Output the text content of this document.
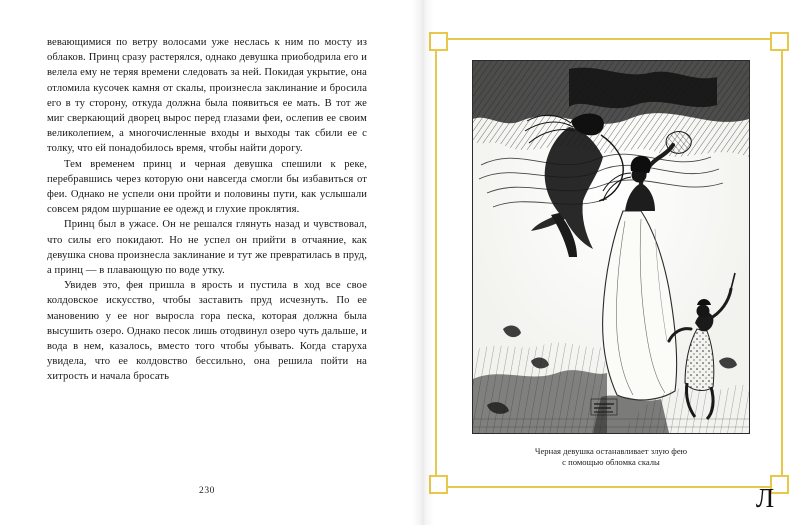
вевающимися по ветру волосами уже неслась к ним по мосту из облаков. Принц сразу растерялся, однако девушка приободрила его и велела ему не теряя времени следовать за ней. Покидая укрытие, она отломила кусочек камня от скалы, произнесла заклинание и бросила его в ту сторону, откуда должна была появиться ее мать. В тот же миг сверкающий дворец вырос перед глазами феи, ослепив ее своим великолепием, а многочисленные входы и выходы так сбили ее с толку, что ей понадобилось время, чтобы найти дорогу.

Тем временем принц и черная девушка спешили к реке, перебравшись через которую они навсегда смогли бы избавиться от феи. Однако не успели они пройти и половины пути, как услышали совсем рядом шуршание ее одежд и глухие проклятия.

Принц был в ужасе. Он не решался глянуть назад и чувствовал, что силы его покидают. Но не успел он прийти в отчаяние, как девушка снова произнесла заклинание и тут же превратилась в пруд, а принц — в плавающую по воде утку.

Увидев это, фея пришла в ярость и пустила в ход все свое колдовское искусство, чтобы заставить пруд исчезнуть. По ее мановению у ее ног выросла гора песка, которая должна была высушить озеро. Однако песок лишь отодвинул озеро чуть дальше, и вода в нем, казалось, вместо того чтобы убывать. Когда старуха увидела, что ее колдовство бессильно, она решила пойти на хитрость и начала бросать

230
Черная девушка останавливает злую фею
с помощью обломка скалы
Л
